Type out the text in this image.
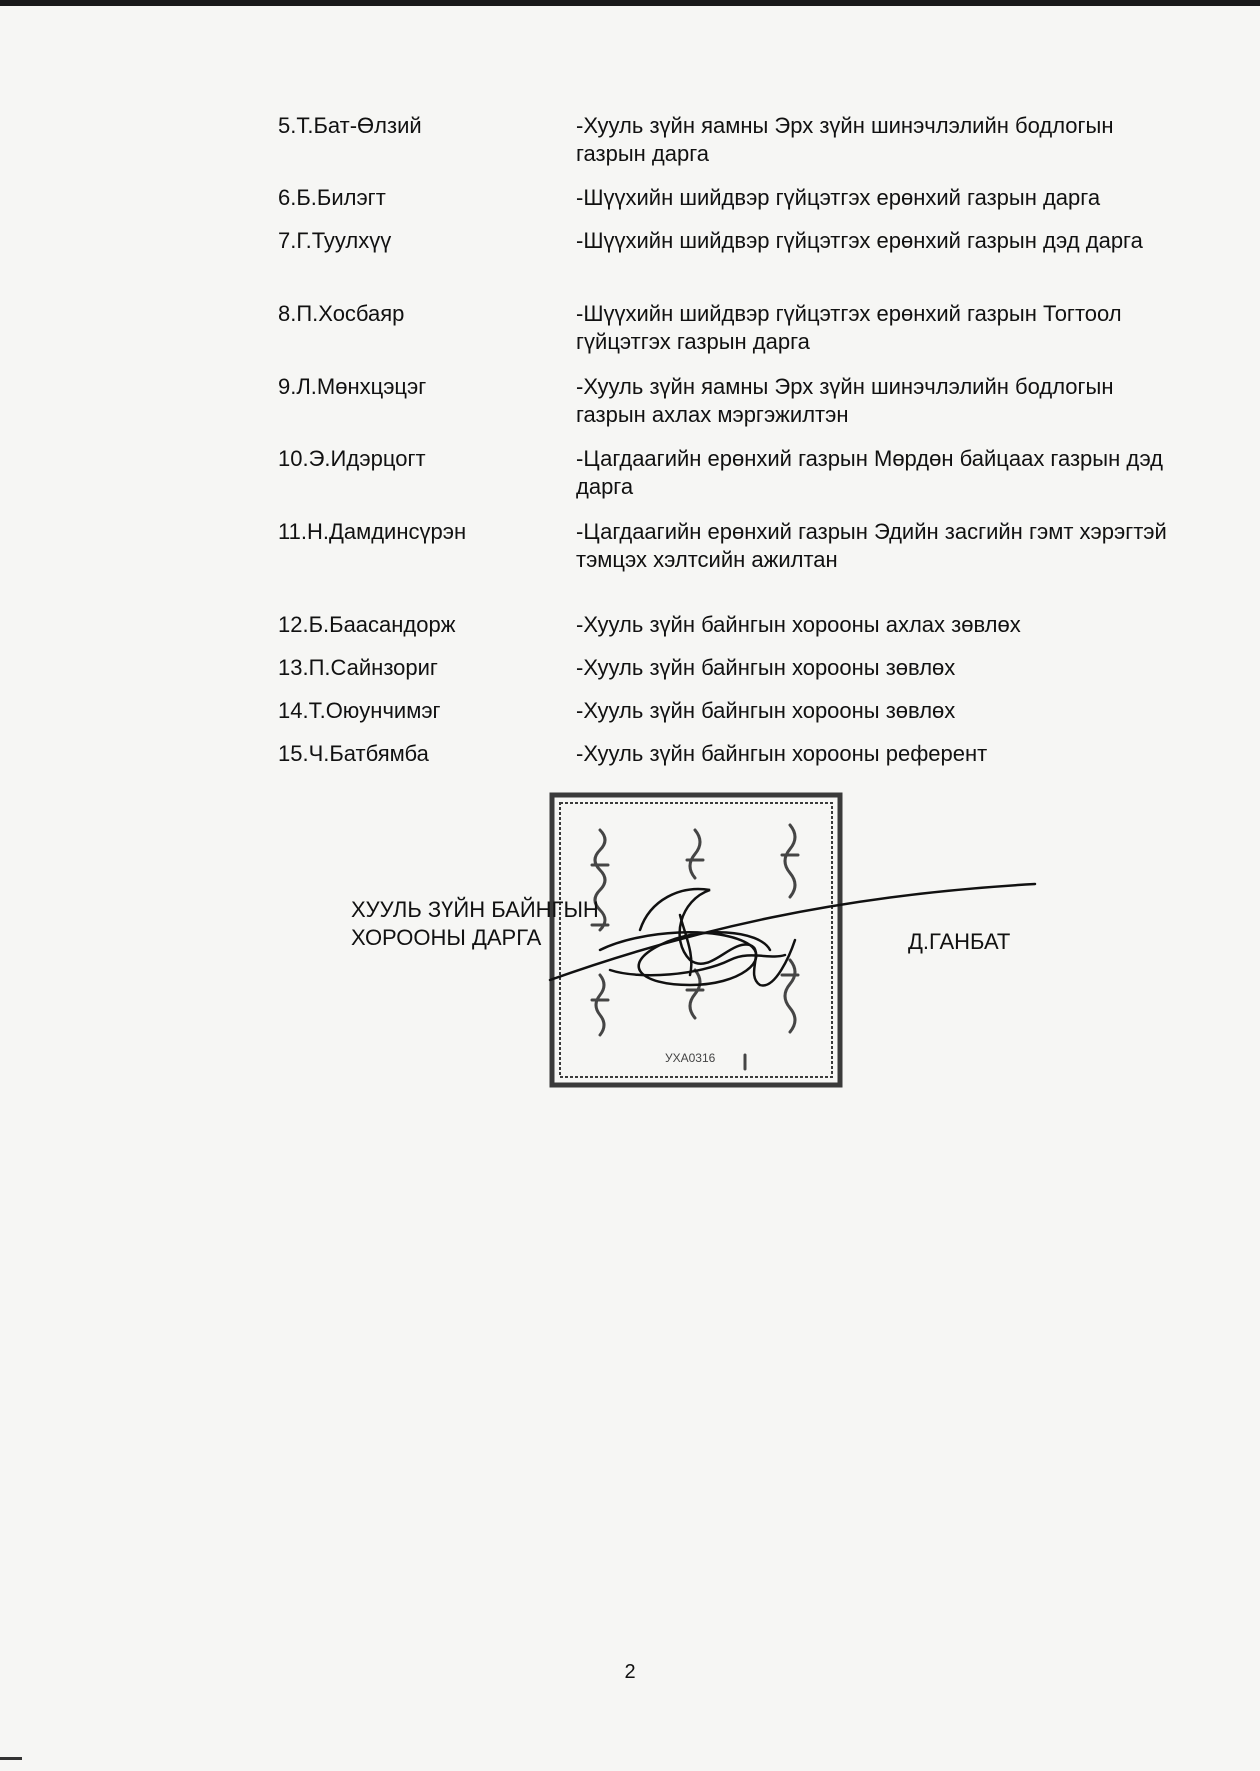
5.Т.Бат-Өлзий	-Хууль зүйн яамны Эрх зүйн шинэчлэлийн бодлогын газрын дарга
6.Б.Билэгт	-Шүүхийн шийдвэр гүйцэтгэх ерөнхий газрын дарга
7.Г.Туулхүү	-Шүүхийн шийдвэр гүйцэтгэх ерөнхий газрын дэд дарга
8.П.Хосбаяр	-Шүүхийн шийдвэр гүйцэтгэх ерөнхий газрын Тогтоол гүйцэтгэх газрын дарга
9.Л.Мөнхцэцэг	-Хууль зүйн яамны Эрх зүйн шинэчлэлийн бодлогын газрын ахлах мэргэжилтэн
10.Э.Идэрцогт	-Цагдаагийн ерөнхий газрын Мөрдөн байцаах газрын дэд дарга
11.Н.Дамдинсүрэн	-Цагдаагийн ерөнхий газрын Эдийн засгийн гэмт хэрэгтэй тэмцэх хэлтсийн ажилтан
12.Б.Баасандорж	-Хууль зүйн байнгын хорооны ахлах зөвлөх
13.П.Сайнзориг	-Хууль зүйн байнгын хорооны зөвлөх
14.Т.Оюунчимэг	-Хууль зүйн байнгын хорооны зөвлөх
15.Ч.Батбямба	-Хууль зүйн байнгын хорооны референт
УХА0316
ХУУЛЬ ЗҮЙН БАЙНГЫН
ХОРООНЫ ДАРГА	Д.ГАНБАТ
2
